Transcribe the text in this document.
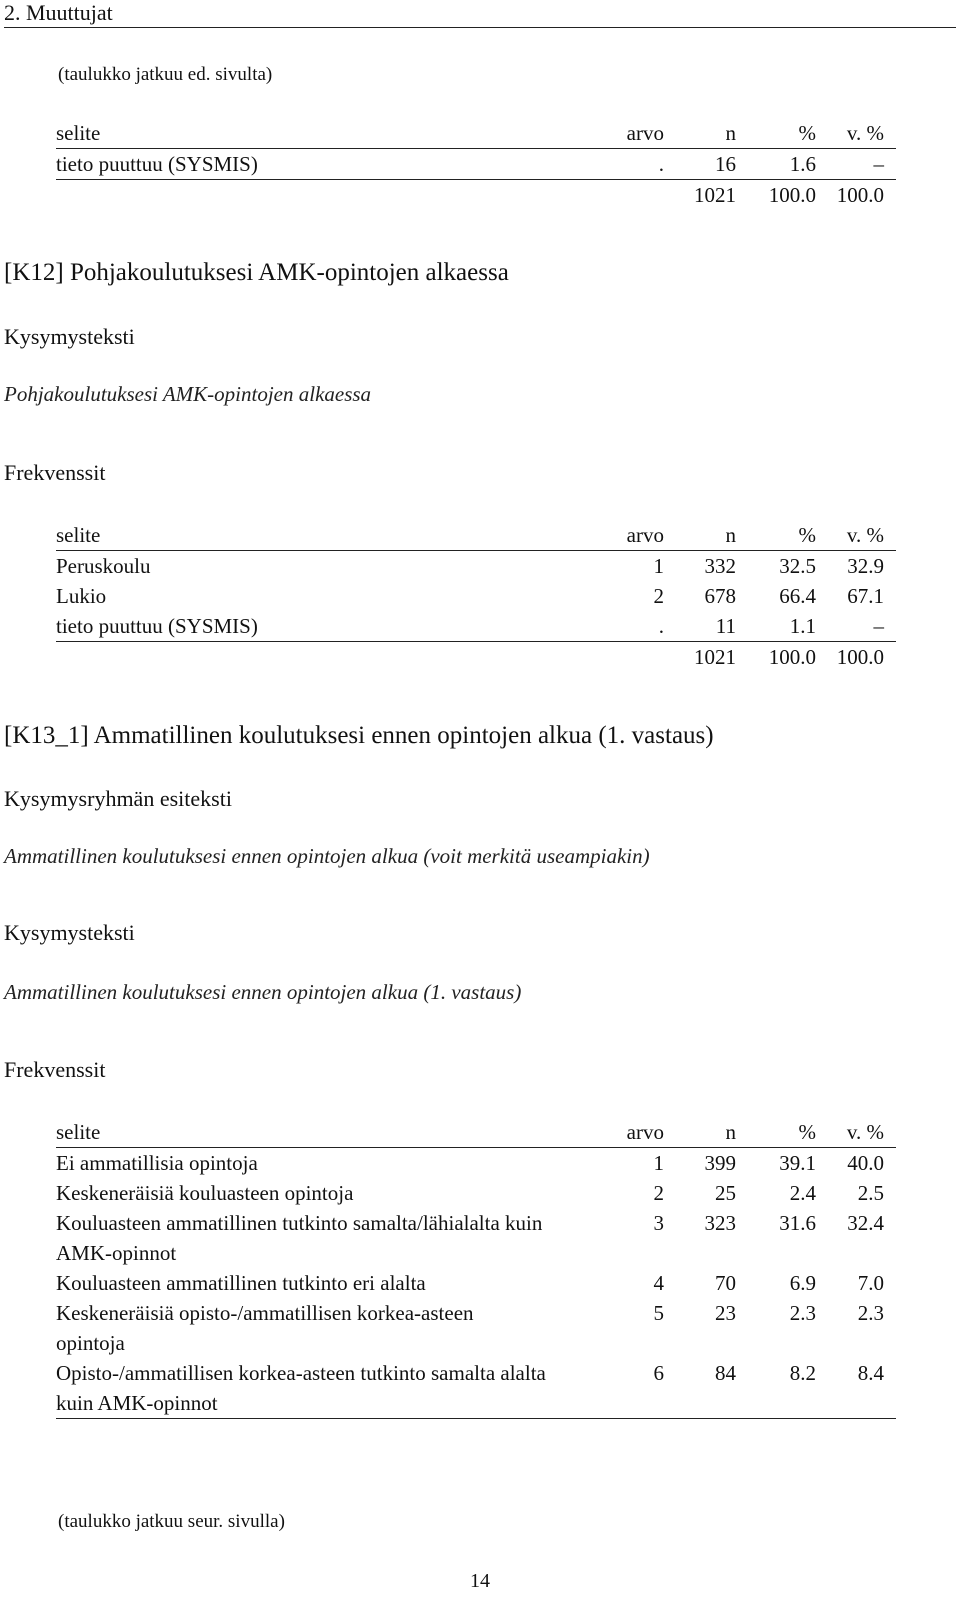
2. Muuttujat
(taulukko jatkuu ed. sivulta)
selite	arvo	n	%	v. %
tieto puuttuu (SYSMIS)	.	16	1.6	–
		1021	100.0	100.0
[K12] Pohjakoulutuksesi AMK-opintojen alkaessa
Kysymysteksti
Pohjakoulutuksesi AMK-opintojen alkaessa
Frekvenssit
selite	arvo	n	%	v. %
Peruskoulu	1	332	32.5	32.9
Lukio	2	678	66.4	67.1
tieto puuttuu (SYSMIS)	.	11	1.1	–
		1021	100.0	100.0
[K13_1] Ammatillinen koulutuksesi ennen opintojen alkua (1. vastaus)
Kysymysryhmän esiteksti
Ammatillinen koulutuksesi ennen opintojen alkua (voit merkitä useampiakin)
Kysymysteksti
Ammatillinen koulutuksesi ennen opintojen alkua (1. vastaus)
Frekvenssit
selite	arvo	n	%	v. %
Ei ammatillisia opintoja	1	399	39.1	40.0
Keskeneräisiä kouluasteen opintoja	2	25	2.4	2.5
Kouluasteen ammatillinen tutkinto samalta/lähialalta kuin AMK-opinnot	3	323	31.6	32.4
Kouluasteen ammatillinen tutkinto eri alalta	4	70	6.9	7.0
Keskeneräisiä opisto-/ammatillisen korkea-asteen opintoja	5	23	2.3	2.3
Opisto-/ammatillisen korkea-asteen tutkinto samalta alalta kuin AMK-opinnot	6	84	8.2	8.4
(taulukko jatkuu seur. sivulla)
14
